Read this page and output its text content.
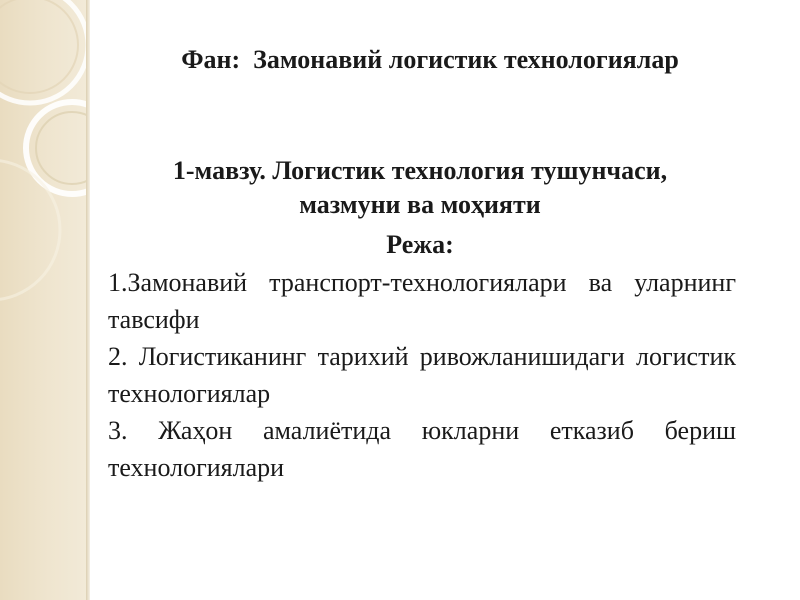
Фан:  Замонавий логистик технологиялар
1-мавзу. Логистик технология тушунчаси,
мазмуни ва моҳияти
Режа:

1.Замонавий транспорт-технологиялари ва уларнинг тавсифи

2. Логистиканинг тарихий ривожланишидаги логистик технологиялар

3. Жаҳон амалиётида юкларни етказиб бериш технологиялари
